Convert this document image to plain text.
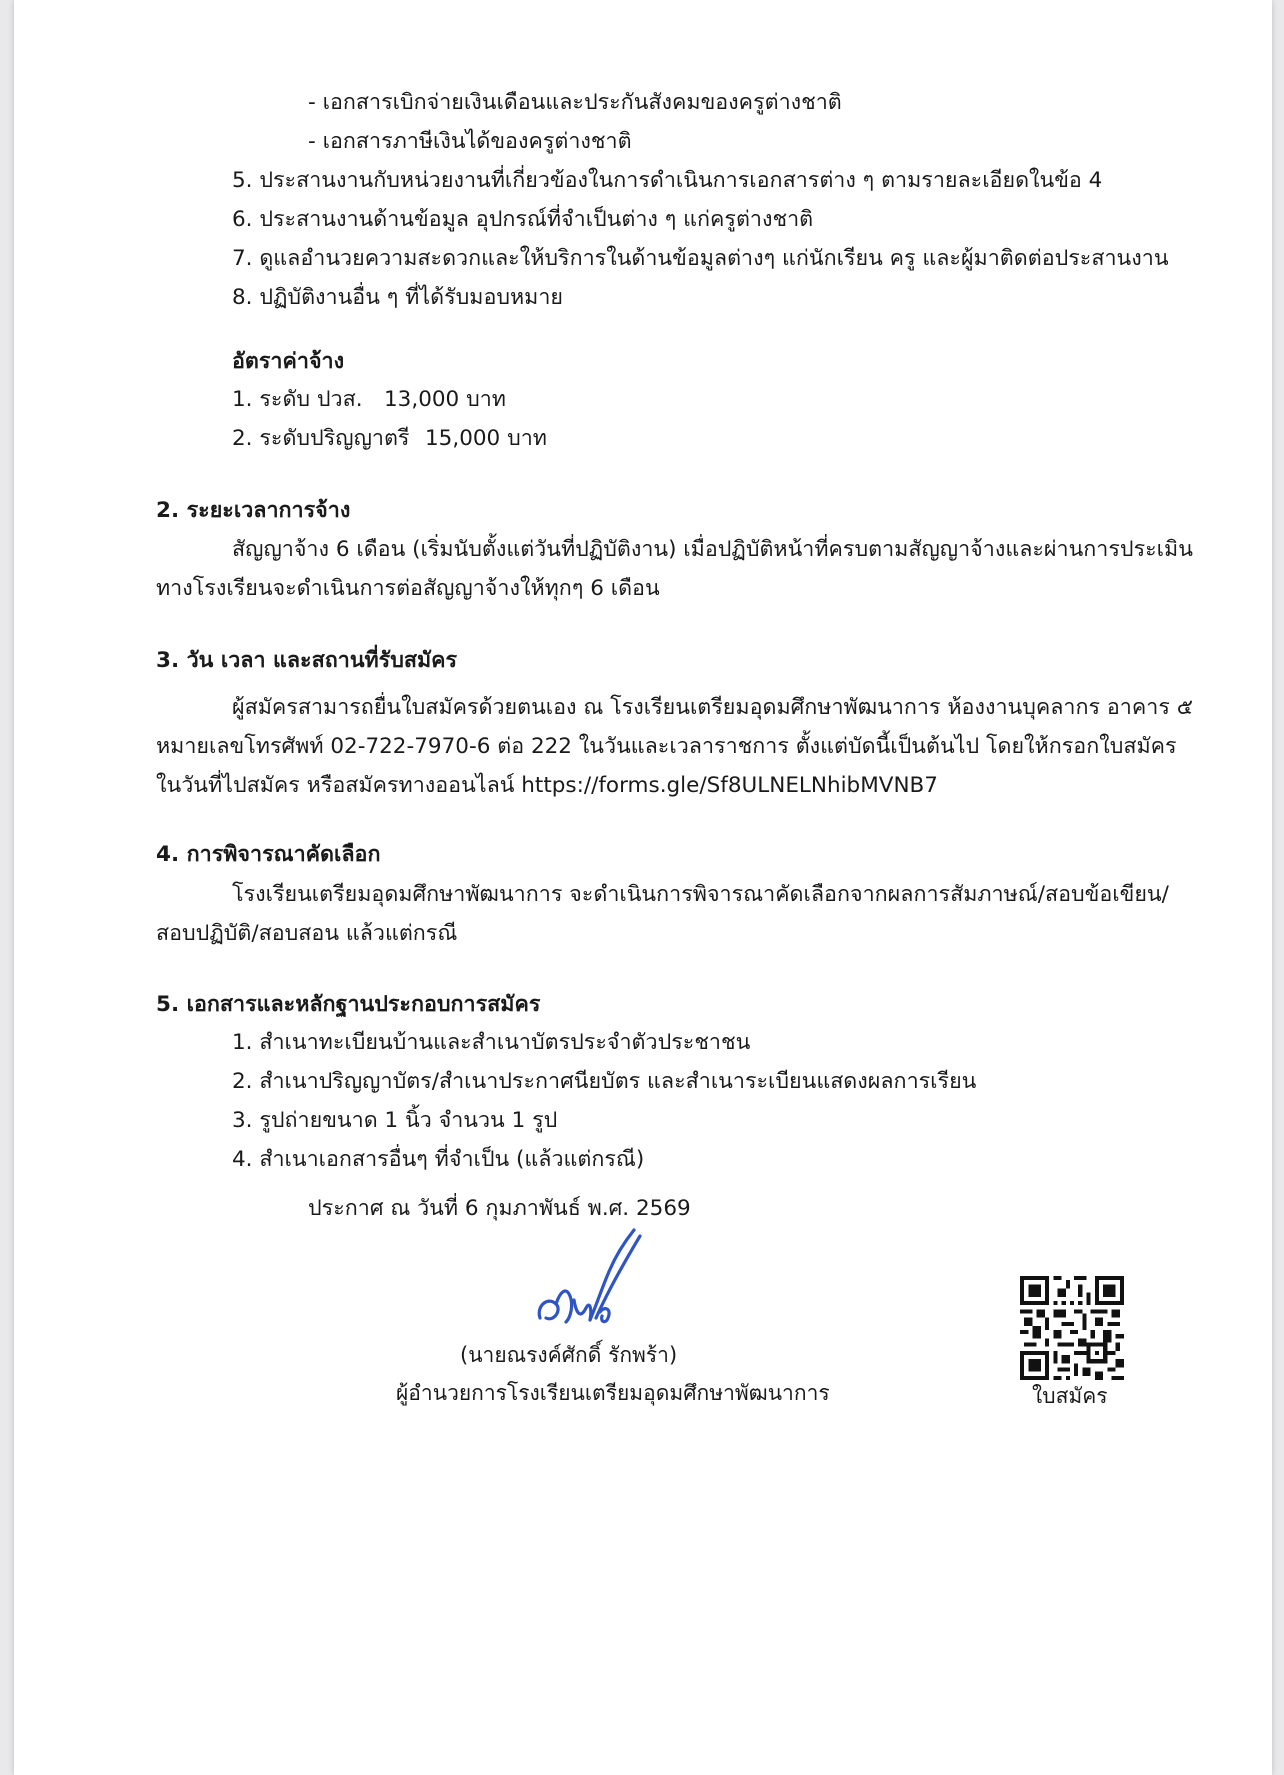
- เอกสารเบิกจ่ายเงินเดือนและประกันสังคมของครูต่างชาติ
- เอกสารภาษีเงินได้ของครูต่างชาติ
5. ประสานงานกับหน่วยงานที่เกี่ยวข้องในการดำเนินการเอกสารต่าง ๆ ตามรายละเอียดในข้อ 4
6. ประสานงานด้านข้อมูล อุปกรณ์ที่จำเป็นต่าง ๆ แก่ครูต่างชาติ
7. ดูแลอำนวยความสะดวกและให้บริการในด้านข้อมูลต่างๆ แก่นักเรียน ครู และผู้มาติดต่อประสานงาน
8. ปฏิบัติงานอื่น ๆ ที่ได้รับมอบหมาย
อัตราค่าจ้าง
1. ระดับ ปวส. 13,000 บาท
2. ระดับปริญญาตรี 15,000 บาท
2. ระยะเวลาการจ้าง
สัญญาจ้าง 6 เดือน (เริ่มนับตั้งแต่วันที่ปฏิบัติงาน) เมื่อปฏิบัติหน้าที่ครบตามสัญญาจ้างและผ่านการประเมิน
ทางโรงเรียนจะดำเนินการต่อสัญญาจ้างให้ทุกๆ 6 เดือน
3. วัน เวลา และสถานที่รับสมัคร
ผู้สมัครสามารถยื่นใบสมัครด้วยตนเอง ณ โรงเรียนเตรียมอุดมศึกษาพัฒนาการ ห้องงานบุคลากร อาคาร ๕
หมายเลขโทรศัพท์ 02-722-7970-6 ต่อ 222 ในวันและเวลาราชการ ตั้งแต่บัดนี้เป็นต้นไป โดยให้กรอกใบสมัคร
ในวันที่ไปสมัคร หรือสมัครทางออนไลน์ https://forms.gle/Sf8ULNELNhibMVNB7
4. การพิจารณาคัดเลือก
โรงเรียนเตรียมอุดมศึกษาพัฒนาการ จะดำเนินการพิจารณาคัดเลือกจากผลการสัมภาษณ์/สอบข้อเขียน/
สอบปฏิบัติ/สอบสอน แล้วแต่กรณี
5. เอกสารและหลักฐานประกอบการสมัคร
1. สำเนาทะเบียนบ้านและสำเนาบัตรประจำตัวประชาชน
2. สำเนาปริญญาบัตร/สำเนาประกาศนียบัตร และสำเนาระเบียนแสดงผลการเรียน
3. รูปถ่ายขนาด 1 นิ้ว จำนวน 1 รูป
4. สำเนาเอกสารอื่นๆ ที่จำเป็น (แล้วแต่กรณี)
ประกาศ ณ วันที่ 6 กุมภาพันธ์ พ.ศ. 2569
(นายณรงค์ศักดิ์ รักพร้า)
ผู้อำนวยการโรงเรียนเตรียมอุดมศึกษาพัฒนาการ	ใบสมัคร
